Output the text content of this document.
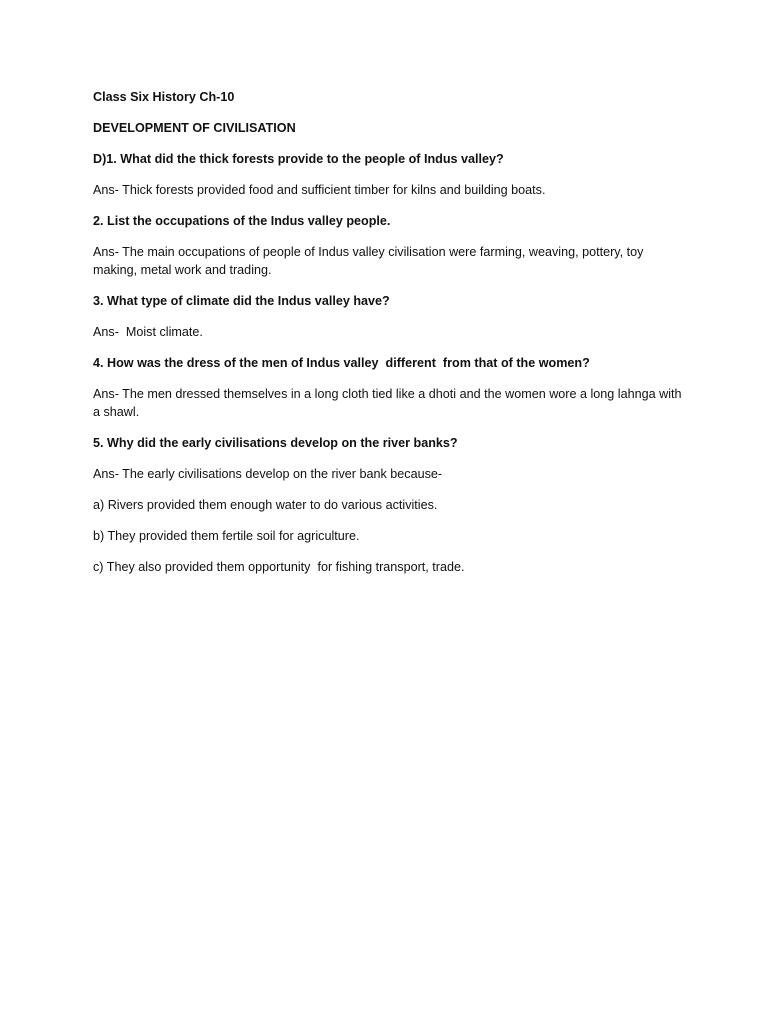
Class Six History Ch-10

DEVELOPMENT OF CIVILISATION

D)1. What did the thick forests provide to the people of Indus valley?

Ans- Thick forests provided food and sufficient timber for kilns and building boats.

2. List the occupations of the Indus valley people.

Ans- The main occupations of people of Indus valley civilisation were farming, weaving, pottery, toy making, metal work and trading.

3. What type of climate did the Indus valley have?

Ans-  Moist climate.

4. How was the dress of the men of Indus valley  different  from that of the women?

Ans- The men dressed themselves in a long cloth tied like a dhoti and the women wore a long lahnga with a shawl.

5. Why did the early civilisations develop on the river banks?

Ans- The early civilisations develop on the river bank because-

a) Rivers provided them enough water to do various activities.

b) They provided them fertile soil for agriculture.

c) They also provided them opportunity  for fishing transport, trade.
